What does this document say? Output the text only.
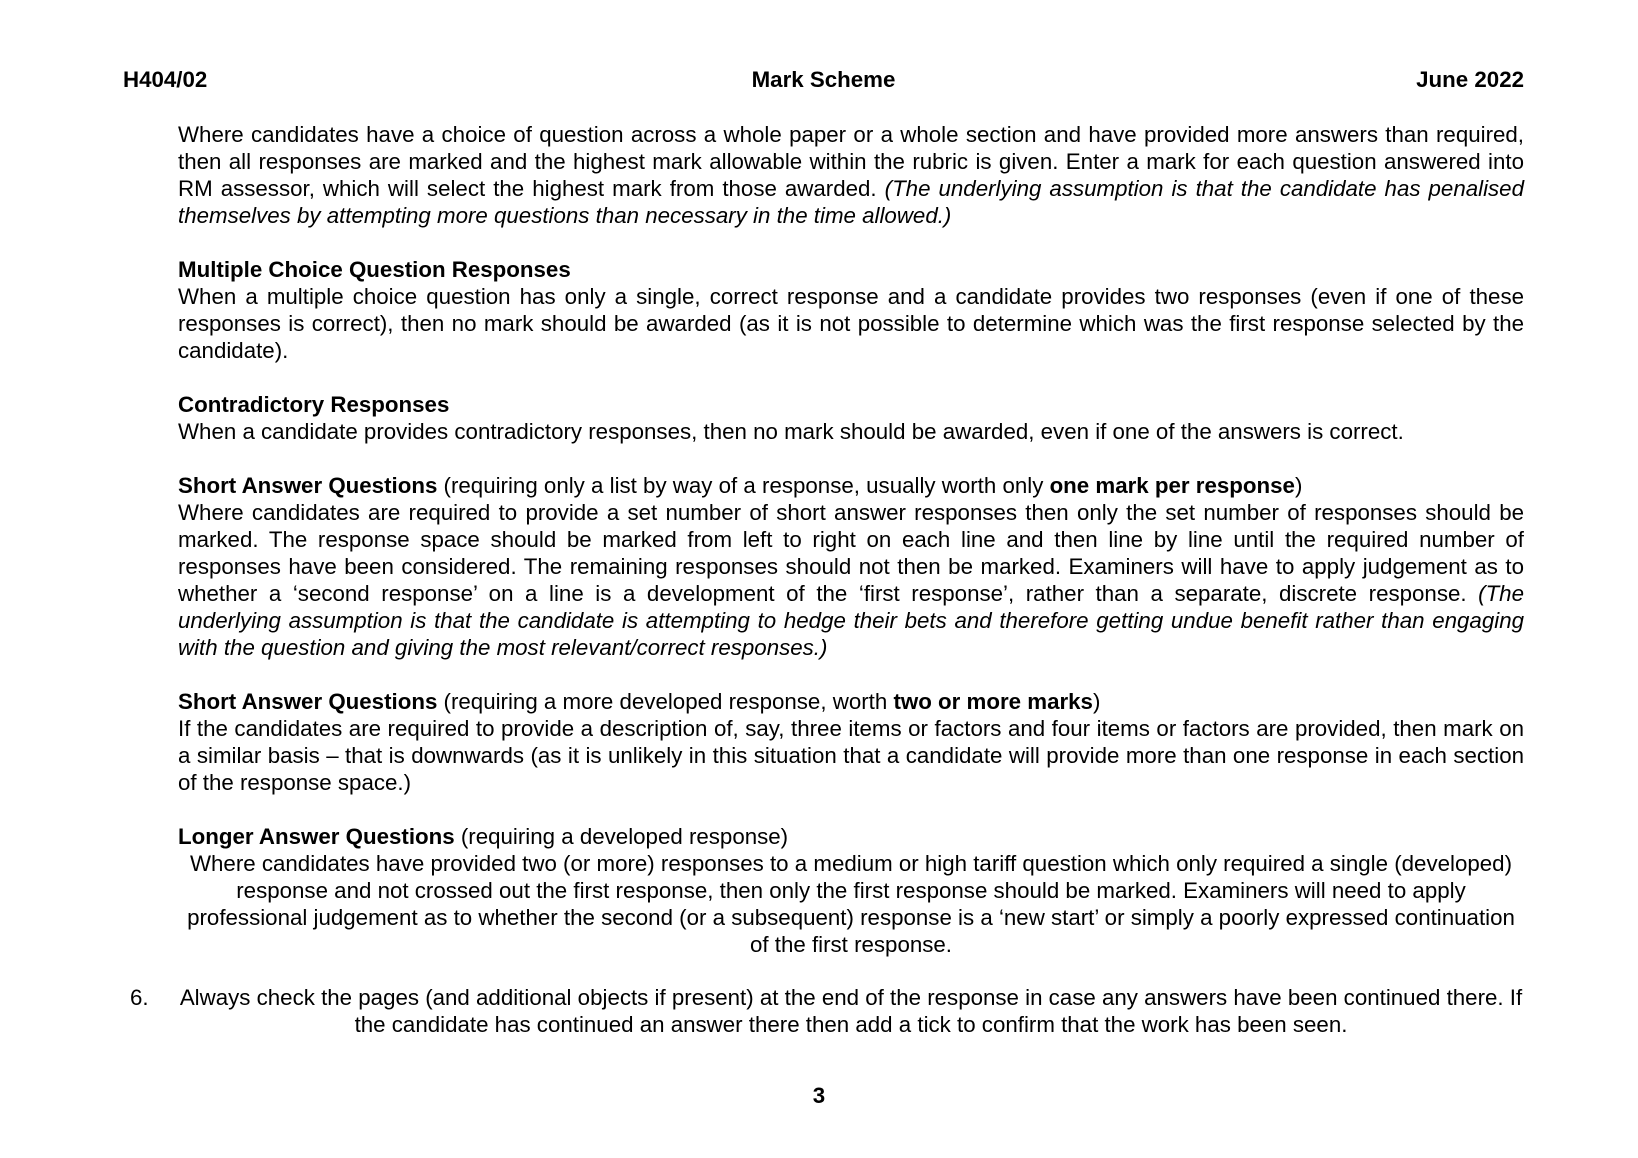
H404/02	Mark Scheme	June 2022

Where candidates have a choice of question across a whole paper or a whole section and have provided more answers than required, then all responses are marked and the highest mark allowable within the rubric is given. Enter a mark for each question answered into RM assessor, which will select the highest mark from those awarded. (The underlying assumption is that the candidate has penalised themselves by attempting more questions than necessary in the time allowed.)

Multiple Choice Question Responses

When a multiple choice question has only a single, correct response and a candidate provides two responses (even if one of these responses is correct), then no mark should be awarded (as it is not possible to determine which was the first response selected by the candidate).

Contradictory Responses

When a candidate provides contradictory responses, then no mark should be awarded, even if one of the answers is correct.

Short Answer Questions (requiring only a list by way of a response, usually worth only one mark per response)

Where candidates are required to provide a set number of short answer responses then only the set number of responses should be marked. The response space should be marked from left to right on each line and then line by line until the required number of responses have been considered. The remaining responses should not then be marked. Examiners will have to apply judgement as to whether a ‘second response’ on a line is a development of the ‘first response’, rather than a separate, discrete response. (The underlying assumption is that the candidate is attempting to hedge their bets and therefore getting undue benefit rather than engaging with the question and giving the most relevant/correct responses.)

Short Answer Questions (requiring a more developed response, worth two or more marks)

If the candidates are required to provide a description of, say, three items or factors and four items or factors are provided, then mark on a similar basis – that is downwards (as it is unlikely in this situation that a candidate will provide more than one response in each section of the response space.)

Longer Answer Questions (requiring a developed response)

Where candidates have provided two (or more) responses to a medium or high tariff question which only required a single (developed) response and not crossed out the first response, then only the first response should be marked. Examiners will need to apply professional judgement as to whether the second (or a subsequent) response is a ‘new start’ or simply a poorly expressed continuation of the first response.

6. Always check the pages (and additional objects if present) at the end of the response in case any answers have been continued there. If the candidate has continued an answer there then add a tick to confirm that the work has been seen.

3
